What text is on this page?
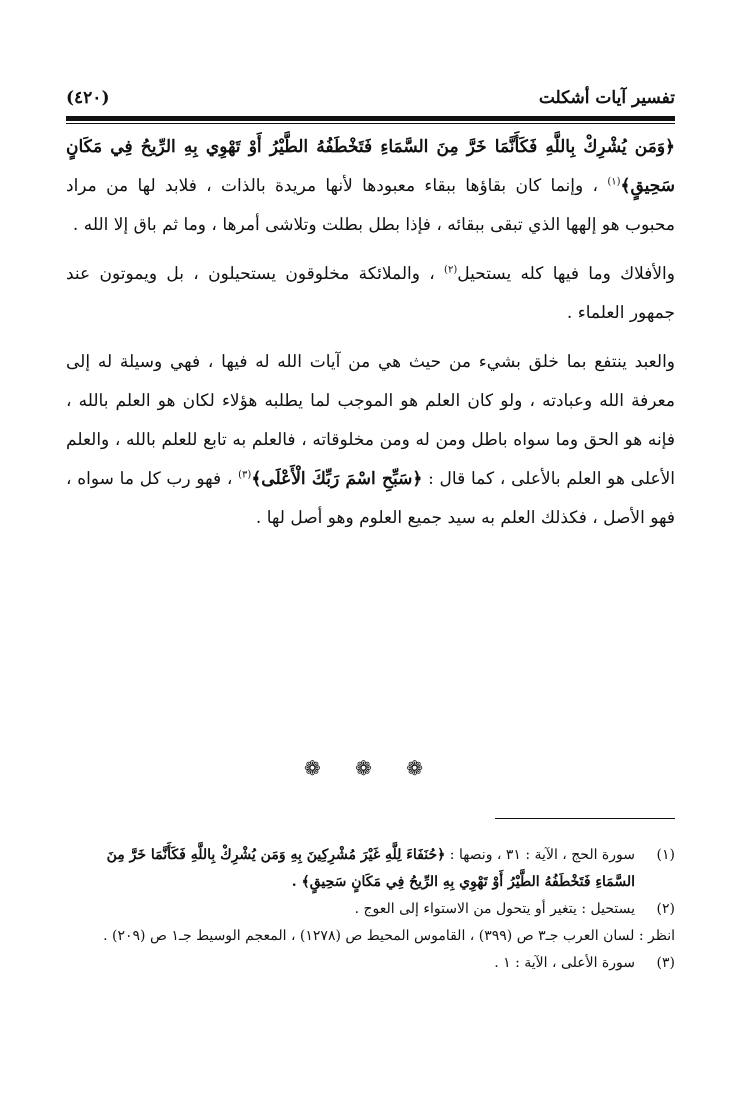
تفسير آيات أشكلت
(٤٢٠)

﴿وَمَن يُشْرِكْ بِاللَّهِ فَكَأَنَّمَا خَرَّ مِنَ السَّمَاءِ فَتَخْطَفُهُ الطَّيْرُ أَوْ تَهْوِي بِهِ الرِّيحُ فِي مَكَانٍ سَحِيقٍ﴾$^{(١)}$ ، وإنما كان بقاؤها ببقاء معبودها لأنها مريدة بالذات ، فلابد لها من مراد محبوب هو إلهها الذي تبقى ببقائه ، فإذا بطل بطلت وتلاشى أمرها ، وما ثم باق إلا الله .

والأفلاك وما فيها كله يستحيل$^{(٢)}$ ، والملائكة مخلوقون يستحيلون ، بل ويموتون عند جمهور العلماء .

والعبد ينتفع بما خلق بشيء من حيث هي من آيات الله له فيها ، فهي وسيلة له إلى معرفة الله وعبادته ، ولو كان العلم هو الموجب لما يطلبه هؤلاء لكان هو العلم بالله ، فإنه هو الحق وما سواه باطل ومن له ومن مخلوقاته ، فالعلم به تابع للعلم بالله ، والعلم الأعلى هو العلم بالأعلى ، كما قال : ﴿سَبِّحِ اسْمَ رَبِّكَ الْأَعْلَى﴾$^{(٣)}$ ، فهو رب كل ما سواه ، فهو الأصل ، فكذلك العلم به سيد جميع العلوم وهو أصل لها .

❁ ❁ ❁
(١)
سورة الحج ، الآية : ٣١ ، ونصها : ﴿حُنَفَاءَ لِلَّهِ غَيْرَ مُشْرِكِينَ بِهِ وَمَن يُشْرِكْ بِاللَّهِ فَكَأَنَّمَا خَرَّ مِنَ السَّمَاءِ فَتَخْطَفُهُ الطَّيْرُ أَوْ تَهْوِي بِهِ الرِّيحُ فِي مَكَانٍ سَحِيقٍ﴾ .
(٢)
يستحيل : يتغير أو يتحول من الاستواء إلى العوج .
انظر : لسان العرب جـ٣ ص (٣٩٩) ، القاموس المحيط ص (١٢٧٨) ، المعجم الوسيط جـ١ ص (٢٠٩) .
(٣)
سورة الأعلى ، الآية : ١ .
